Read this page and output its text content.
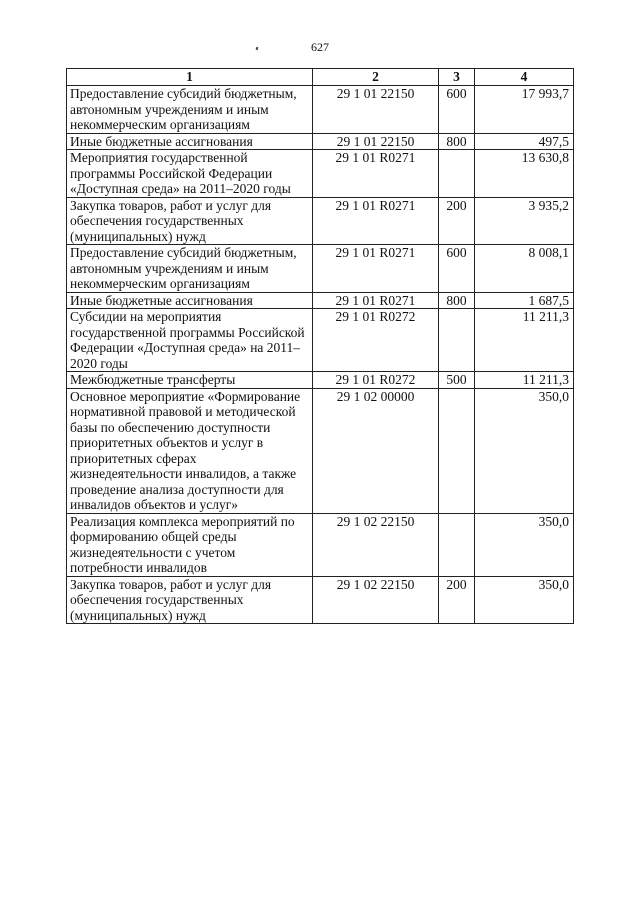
627
1	2	3	4
Предоставление субсидий бюджетным, автономным учреждениям и иным некоммерческим организациям	29 1 01 22150	600	17 993,7
Иные бюджетные ассигнования	29 1 01 22150	800	497,5
Мероприятия государственной программы Российской Федерации «Доступная среда» на 2011–2020 годы	29 1 01 R0271		13 630,8
Закупка товаров, работ и услуг для обеспечения государственных (муниципальных) нужд	29 1 01 R0271	200	3 935,2
Предоставление субсидий бюджетным, автономным учреждениям и иным некоммерческим организациям	29 1 01 R0271	600	8 008,1
Иные бюджетные ассигнования	29 1 01 R0271	800	1 687,5
Субсидии на мероприятия государственной программы Российской Федерации «Доступная среда» на 2011–2020 годы	29 1 01 R0272		11 211,3
Межбюджетные трансферты	29 1 01 R0272	500	11 211,3
Основное мероприятие «Формирование нормативной правовой и методической базы по обеспечению доступности приоритетных объектов и услуг в приоритетных сферах жизнедеятельности инвалидов, а также проведение анализа доступности для инвалидов объектов и услуг»	29 1 02 00000		350,0
Реализация комплекса мероприятий по формированию общей среды жизнедеятельности с учетом потребности инвалидов	29 1 02 22150		350,0
Закупка товаров, работ и услуг для обеспечения государственных (муниципальных) нужд	29 1 02 22150	200	350,0
